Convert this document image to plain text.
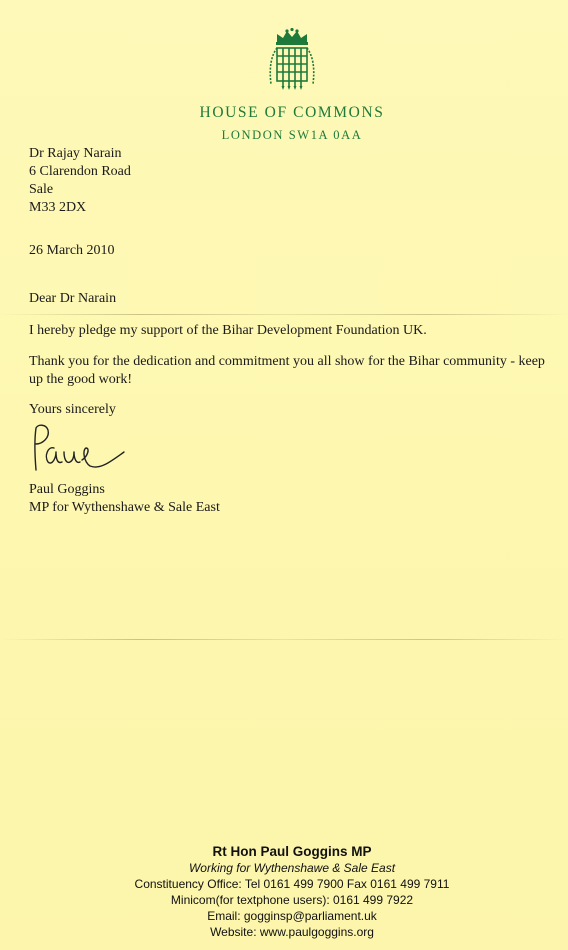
HOUSE OF COMMONS
LONDON SW1A 0AA
Dr Rajay Narain
6 Clarendon Road
Sale
M33 2DX
26 March 2010
Dear Dr Narain
I hereby pledge my support of the Bihar Development Foundation UK.
Thank you for the dedication and commitment you all show for the Bihar community - keep up the good work!
Yours sincerely
Paul Goggins
MP for Wythenshawe & Sale East
Rt Hon Paul Goggins MP
Working for Wythenshawe & Sale East
Constituency Office: Tel 0161 499 7900 Fax 0161 499 7911
Minicom(for textphone users): 0161 499 7922
Email: gogginsp@parliament.uk
Website: www.paulgoggins.org
